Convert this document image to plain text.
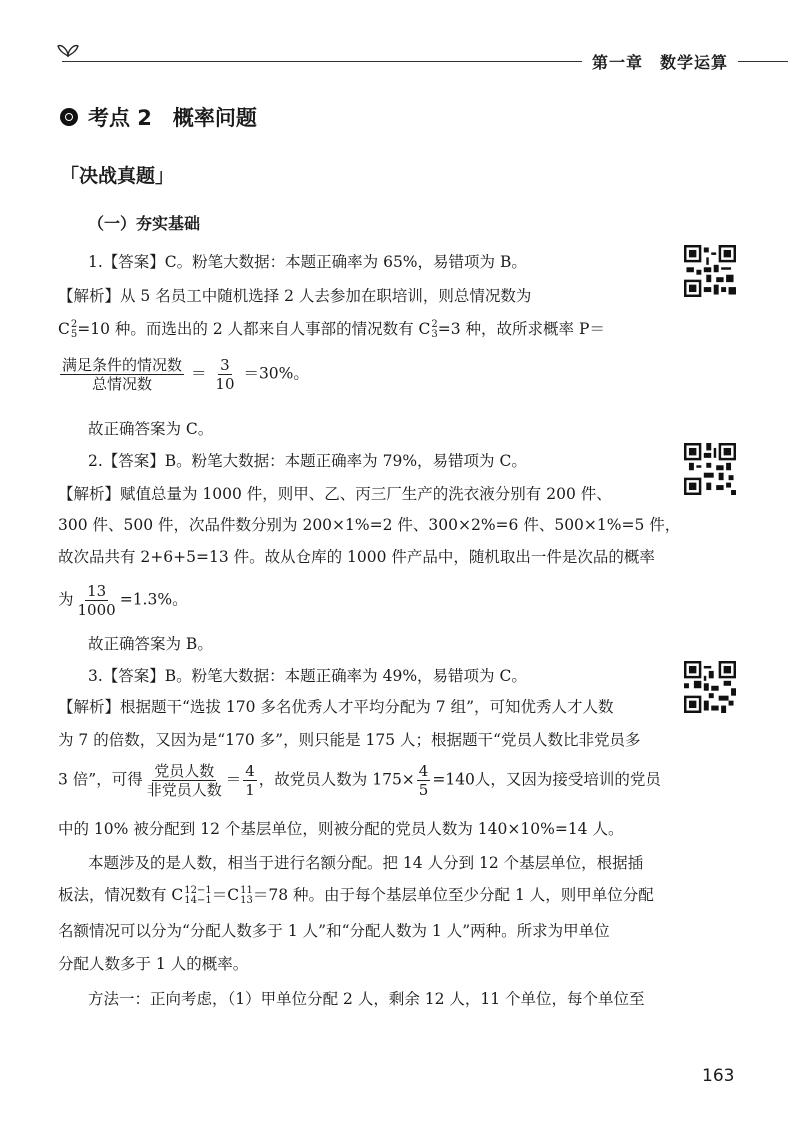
第一章　数学运算
考点 2　概率问题
「决战真题」
（一）夯实基础
1.【答案】C。粉笔大数据：本题正确率为 65%，易错项为 B。
【解析】从 5 名员工中随机选择 2 人去参加在职培训，则总情况数为
C 2
5 =10 种。而选出的 2 人都来自人事部的情况数有 C 2
3 =3 种，故所求概率 P＝
$\frac{\text{满足条件的情况数}}{\text{总情况数}} = \frac{3}{10} =30\%$。
故正确答案为 C。
2.【答案】B。粉笔大数据：本题正确率为 79%，易错项为 C。
【解析】赋值总量为 1000 件，则甲、乙、丙三厂生产的洗衣液分别有 200 件、
300 件、500 件，次品件数分别为 200×1%=2 件、300×2%=6 件、500×1%=5 件，
故次品共有 2+6+5=13 件。故从仓库的 1000 件产品中，随机取出一件是次品的概率
为 $\frac{13}{1000} =1.3\%$。
故正确答案为 B。
3.【答案】B。粉笔大数据：本题正确率为 49%，易错项为 C。
【解析】根据题干“选拔 170 多名优秀人才平均分配为 7 组”，可知优秀人才人数
为 7 的倍数，又因为是“170 多”，则只能是 175 人；根据题干“党员人数比非党员多
3 倍”，可得 $\frac{\text{党员人数}}{\text{非党员人数}} = \frac{4}{1}$ ，故党员人数为 $175\times \frac{4}{5} =140$人，又因为接受培训的党员
中的 10% 被分配到 12 个基层单位，则被分配的党员人数为 140×10%=14 人。
本题涉及的是人数，相当于进行名额分配。把 14 人分到 12 个基层单位，根据插
板法，情况数有 C 12−1
14−1 ＝C 11
13 ＝78 种。由于每个基层单位至少分配 1 人，则甲单位分配
名额情况可以分为“分配人数多于 1 人”和“分配人数为 1 人”两种。所求为甲单位
分配人数多于 1 人的概率。
方法一：正向考虑，（1）甲单位分配 2 人，剩余 12 人，11 个单位，每个单位至
163
